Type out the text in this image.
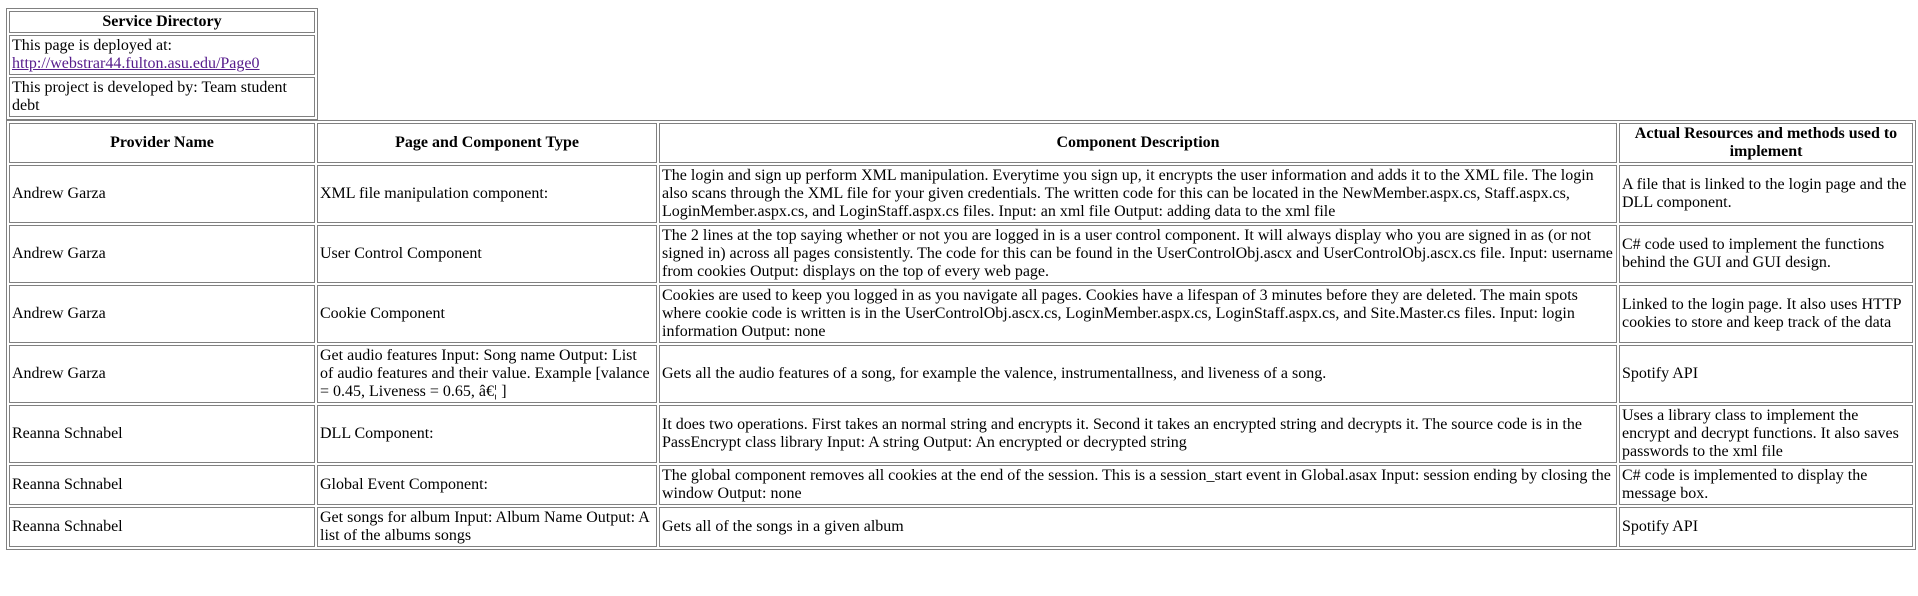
Service Directory
This page is deployed at:
http://webstrar44.fulton.asu.edu/Page0
This project is developed by: Team student debt
Provider Name	Page and Component Type	Component Description	Actual Resources and methods used to implement
Andrew Garza	XML file manipulation component:	The login and sign up perform XML manipulation. Everytime you sign up, it encrypts the user information and adds it to the XML file. The login also scans through the XML file for your given credentials. The written code for this can be located in the NewMember.aspx.cs, Staff.aspx.cs, LoginMember.aspx.cs, and LoginStaff.aspx.cs files. Input: an xml file Output: adding data to the xml file	A file that is linked to the login page and the DLL component.
Andrew Garza	User Control Component	The 2 lines at the top saying whether or not you are logged in is a user control component. It will always display who you are signed in as (or not signed in) across all pages consistently. The code for this can be found in the UserControlObj.ascx and UserControlObj.ascx.cs file. Input: username from cookies Output: displays on the top of every web page.	C# code used to implement the functions behind the GUI and GUI design.
Andrew Garza	Cookie Component	Cookies are used to keep you logged in as you navigate all pages. Cookies have a lifespan of 3 minutes before they are deleted. The main spots where cookie code is written is in the UserControlObj.ascx.cs, LoginMember.aspx.cs, LoginStaff.aspx.cs, and Site.Master.cs files. Input: login information Output: none	Linked to the login page. It also uses HTTP cookies to store and keep track of the data
Andrew Garza	Get audio features Input: Song name Output: List of audio features and their value. Example [valance = 0.45, Liveness = 0.65, â€¦ ]	Gets all the audio features of a song, for example the valence, instrumentallness, and liveness of a song.	Spotify API
Reanna Schnabel	DLL Component:	It does two operations. First takes an normal string and encrypts it. Second it takes an encrypted string and decrypts it. The source code is in the PassEncrypt class library Input: A string Output: An encrypted or decrypted string	Uses a library class to implement the encrypt and decrypt functions. It also saves passwords to the xml file
Reanna Schnabel	Global Event Component:	The global component removes all cookies at the end of the session. This is a session_start event in Global.asax Input: session ending by closing the window Output: none	C# code is implemented to display the message box.
Reanna Schnabel	Get songs for album Input: Album Name Output: A list of the albums songs	Gets all of the songs in a given album	Spotify API
